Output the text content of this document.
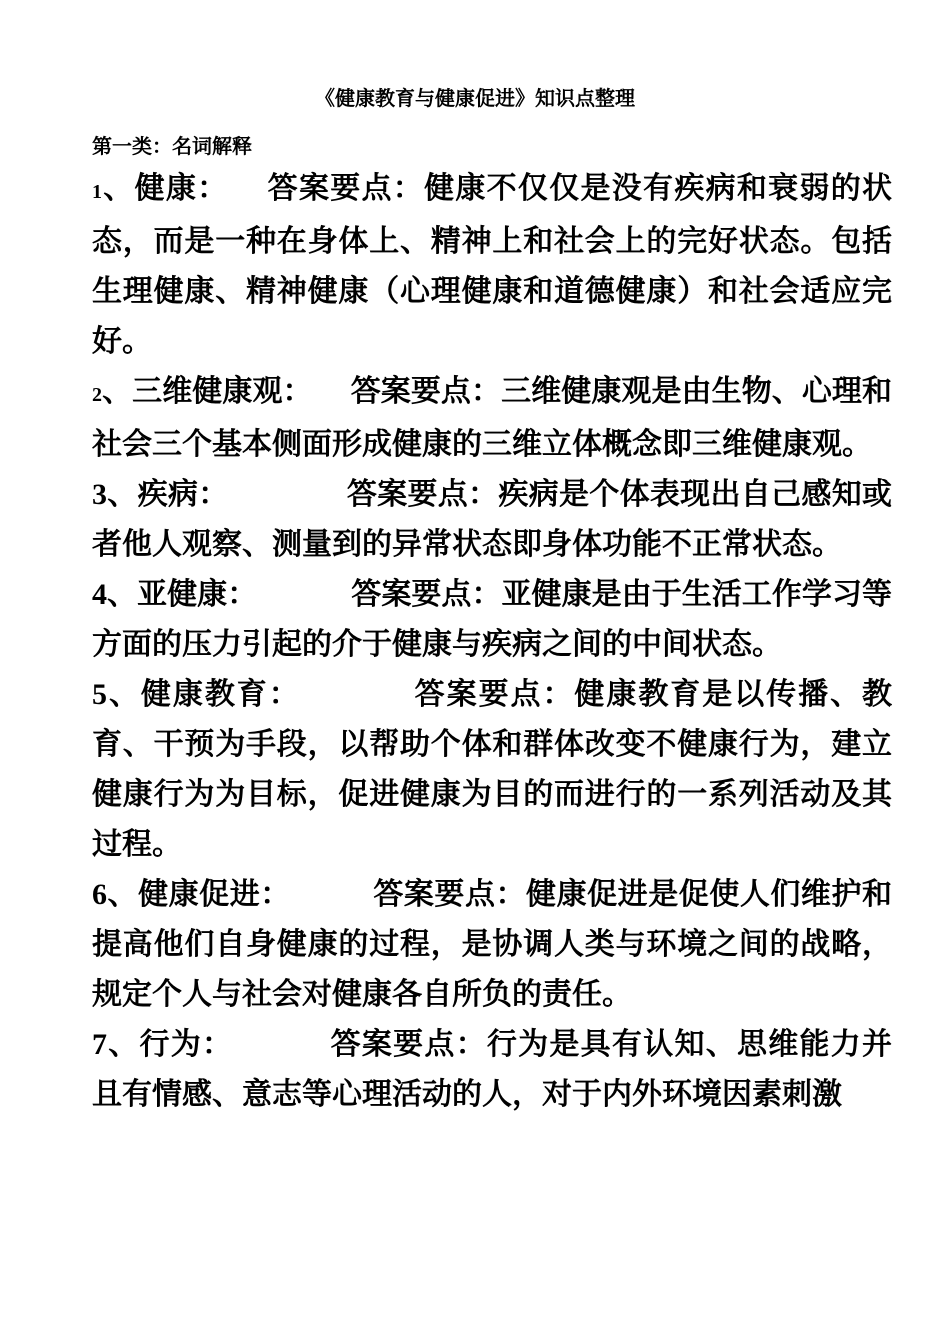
《健康教育与健康促进》知识点整理
第一类：名词解释

1、健康： 答案要点：健康不仅仅是没有疾病和衰弱的状态，而是一种在身体上、精神上和社会上的完好状态。包括生理健康、精神健康（心理健康和道德健康）和社会适应完好。

2、三维健康观： 答案要点：三维健康观是由生物、心理和社会三个基本侧面形成健康的三维立体概念即三维健康观。

3、疾病：	答案要点：疾病是个体表现出自己感知或者他人观察、测量到的异常状态即身体功能不正常状态。

4、亚健康：	答案要点：亚健康是由于生活工作学习等方面的压力引起的介于健康与疾病之间的中间状态。

5、健康教育：	答案要点：健康教育是以传播、教育、干预为手段，以帮助个体和群体改变不健康行为，建立健康行为为目标，促进健康为目的而进行的一系列活动及其过程。

6、健康促进：	答案要点：健康促进是促使人们维护和提高他们自身健康的过程，是协调人类与环境之间的战略，规定个人与社会对健康各自所负的责任。

7、行为：	答案要点：行为是具有认知、思维能力并且有情感、意志等心理活动的人，对于内外环境因素刺激
